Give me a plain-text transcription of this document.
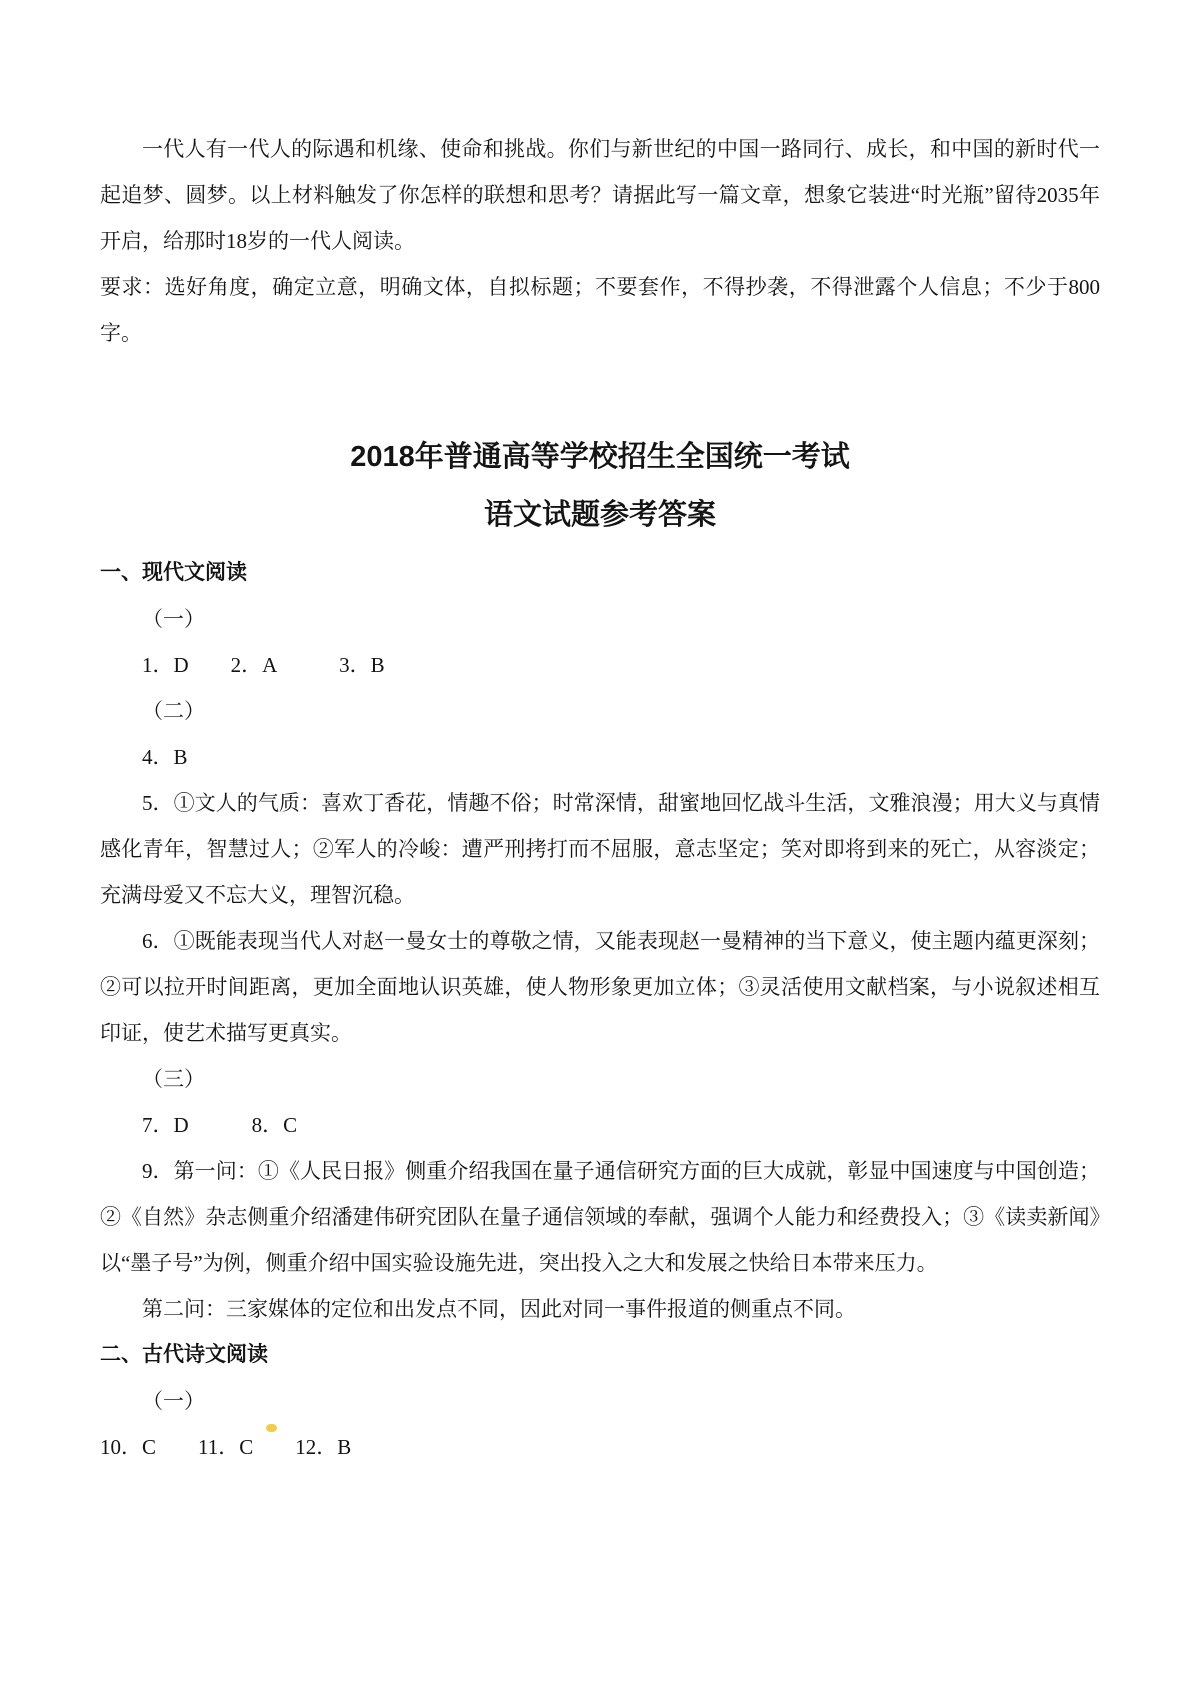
一代人有一代人的际遇和机缘、使命和挑战。你们与新世纪的中国一路同行、成长，和中国的新时代一起追梦、圆梦。以上材料触发了你怎样的联想和思考？请据此写一篇文章，想象它装进“时光瓶”留待2035年开启，给那时18岁的一代人阅读。

要求：选好角度，确定立意，明确文体，自拟标题；不要套作，不得抄袭，不得泄露个人信息；不少于800字。

2018年普通高等学校招生全国统一考试
语文试题参考答案

一、现代文阅读

（一）

1．D　　2．A　　　3．B

（二）

4．B

5．①文人的气质：喜欢丁香花，情趣不俗；时常深情，甜蜜地回忆战斗生活，文雅浪漫；用大义与真情感化青年，智慧过人；②军人的冷峻：遭严刑拷打而不屈服，意志坚定；笑对即将到来的死亡，从容淡定；充满母爱又不忘大义，理智沉稳。

6．①既能表现当代人对赵一曼女士的尊敬之情，又能表现赵一曼精神的当下意义，使主题内蕴更深刻；②可以拉开时间距离，更加全面地认识英雄，使人物形象更加立体；③灵活使用文献档案，与小说叙述相互印证，使艺术描写更真实。

（三）

7．D　　　8．C

9．第一问：①《人民日报》侧重介绍我国在量子通信研究方面的巨大成就，彰显中国速度与中国创造；②《自然》杂志侧重介绍潘建伟研究团队在量子通信领域的奉献，强调个人能力和经费投入；③《读卖新闻》以“墨子号”为例，侧重介绍中国实验设施先进，突出投入之大和发展之快给日本带来压力。

第二问：三家媒体的定位和出发点不同，因此对同一事件报道的侧重点不同。

二、古代诗文阅读

（一）

10．C　　11．C　　12．B
